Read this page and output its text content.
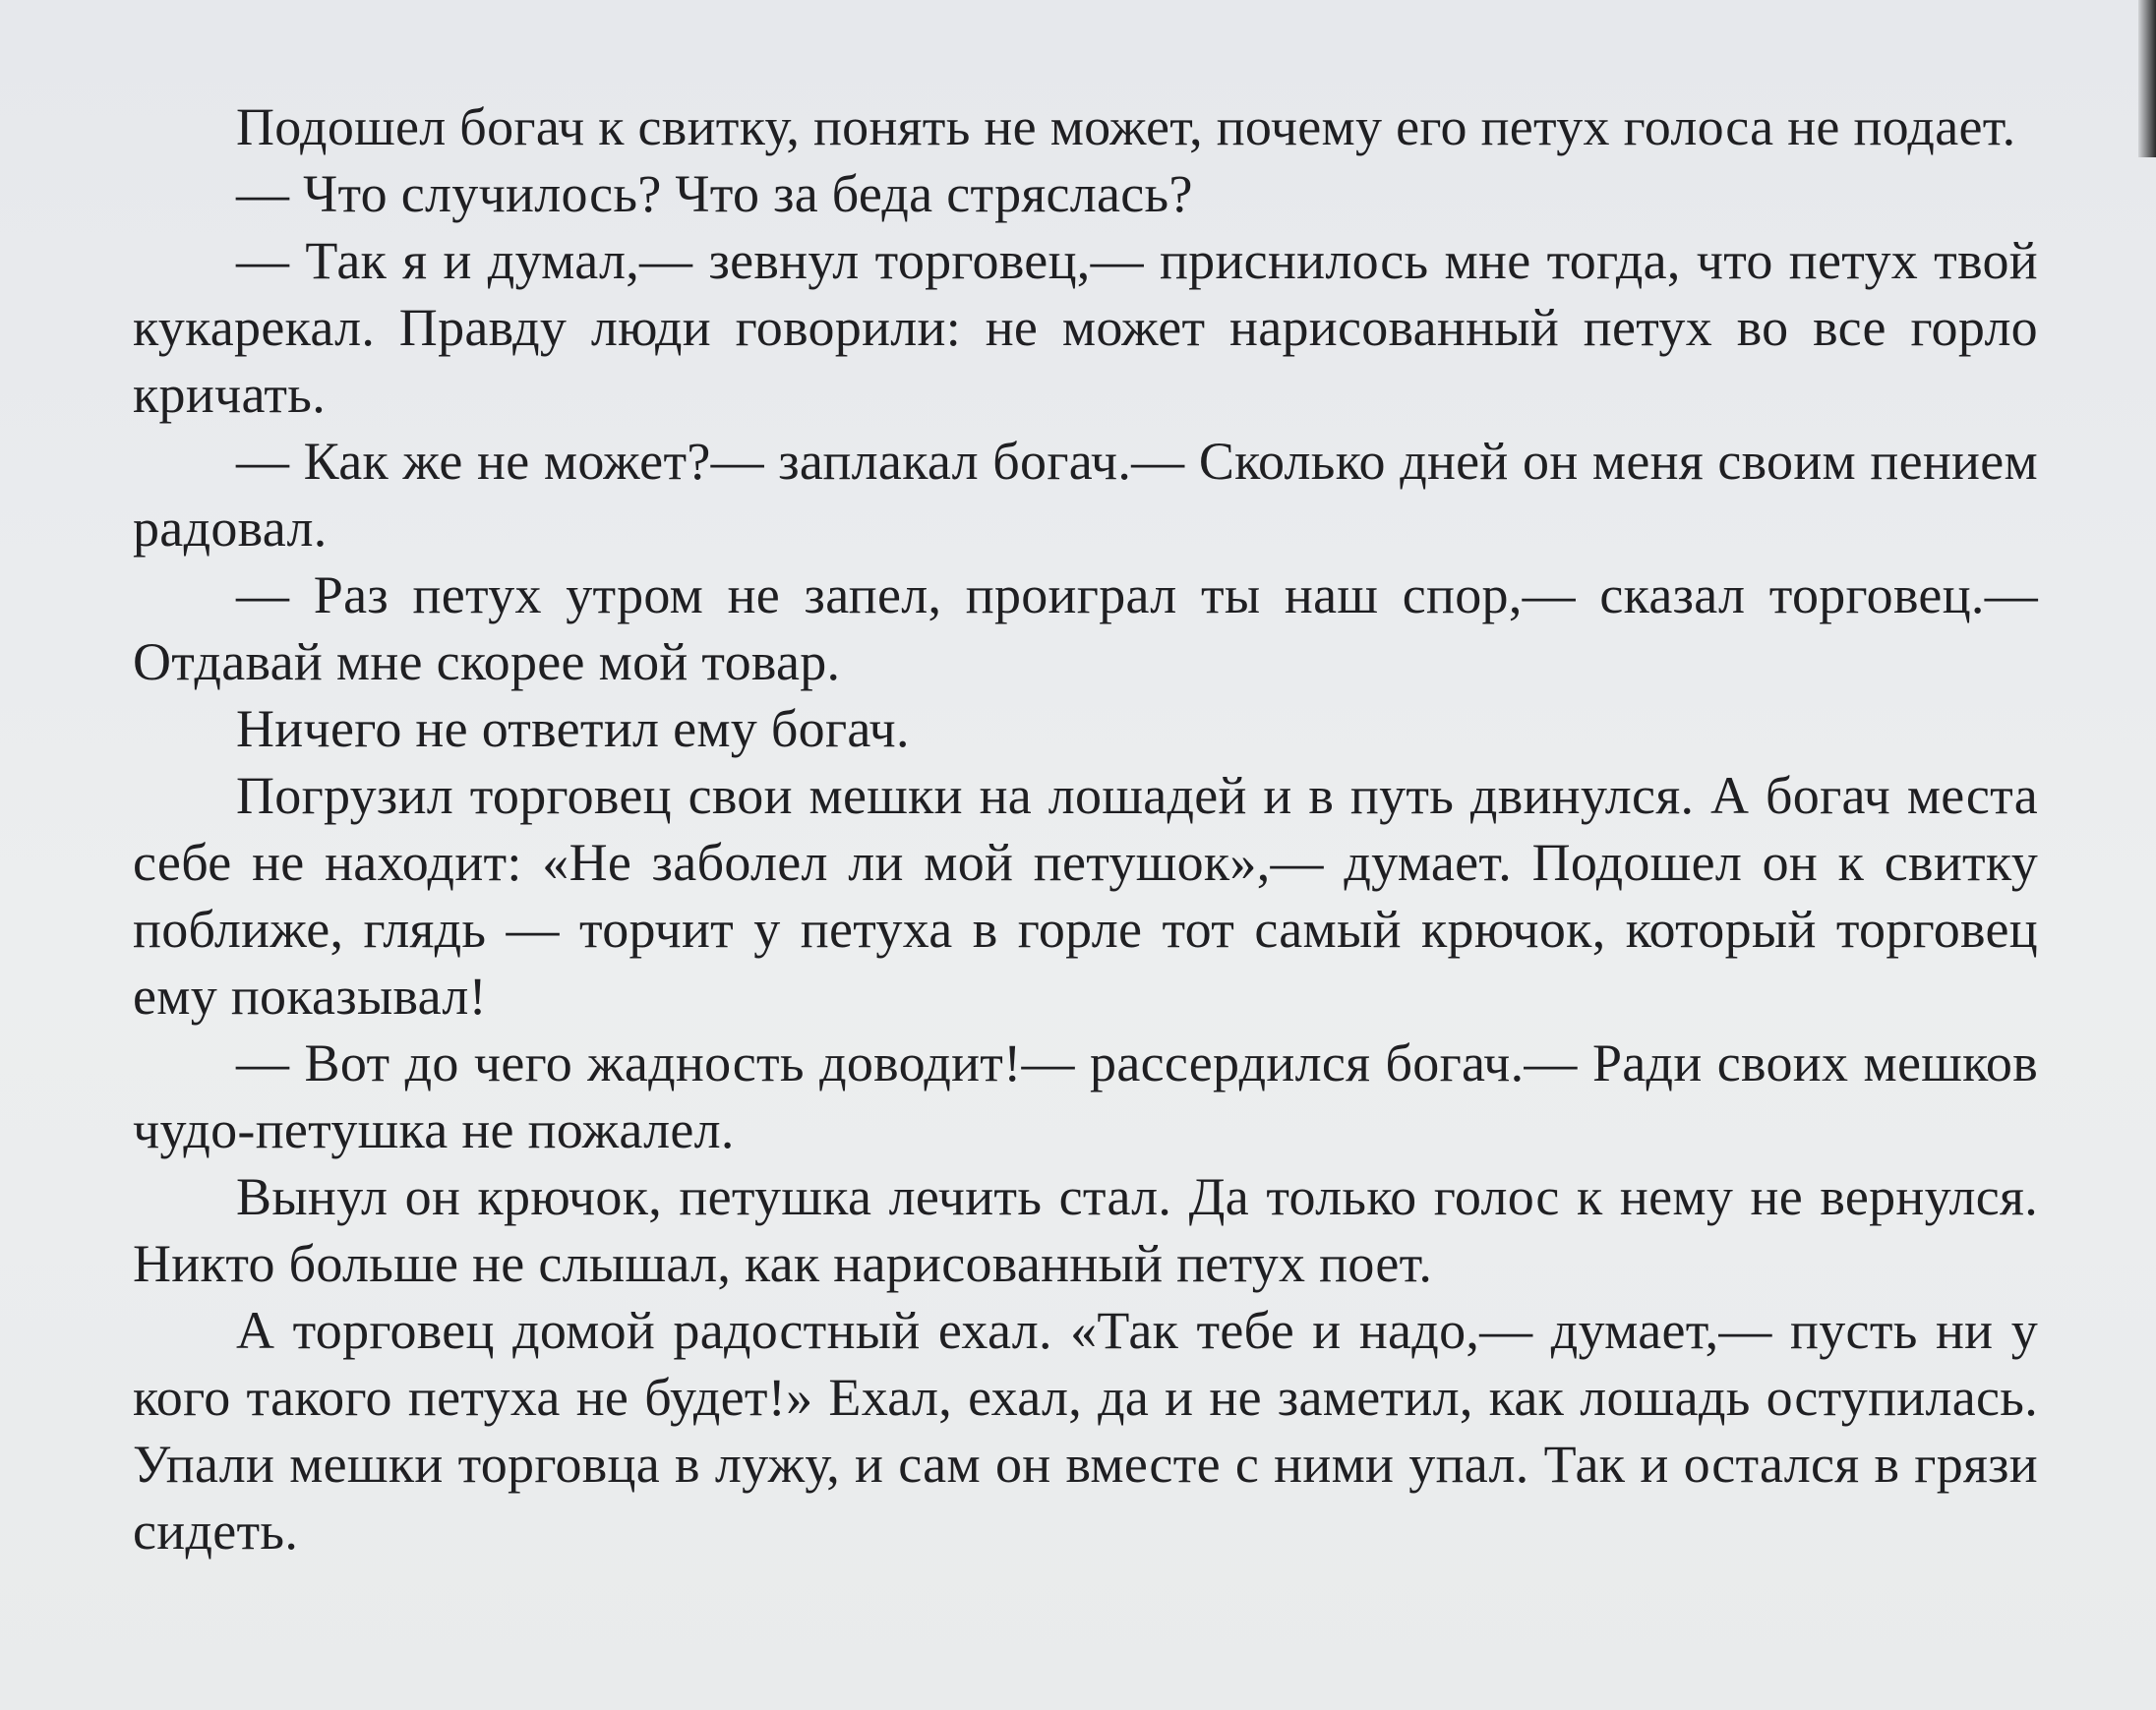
Подошел богач к свитку, понять не может, почему его петух голоса не подает.

— Что случилось? Что за беда стряслась?

— Так я и думал,— зевнул торговец,— приснилось мне тогда, что петух твой кукарекал. Правду люди говорили: не может нарисованный петух во все горло кричать.

— Как же не может?— заплакал богач.— Сколько дней он меня своим пением радовал.

— Раз петух утром не запел, проиграл ты наш спор,— сказал торговец.— Отдавай мне скорее мой товар.

Ничего не ответил ему богач.

Погрузил торговец свои мешки на лошадей и в путь двинулся. А богач места себе не находит: «Не заболел ли мой петушок»,— думает. Подошел он к свитку поближе, глядь — торчит у петуха в горле тот самый крючок, который торговец ему показывал!

— Вот до чего жадность доводит!— рассердился богач.— Ради своих мешков чудо-петушка не пожалел.

Вынул он крючок, петушка лечить стал. Да только голос к нему не вернулся. Никто больше не слышал, как нарисованный петух поет.

А торговец домой радостный ехал. «Так тебе и надо,— думает,— пусть ни у кого такого петуха не будет!» Ехал, ехал, да и не заметил, как лошадь оступилась. Упали мешки торговца в лужу, и сам он вместе с ними упал. Так и остался в грязи сидеть.
